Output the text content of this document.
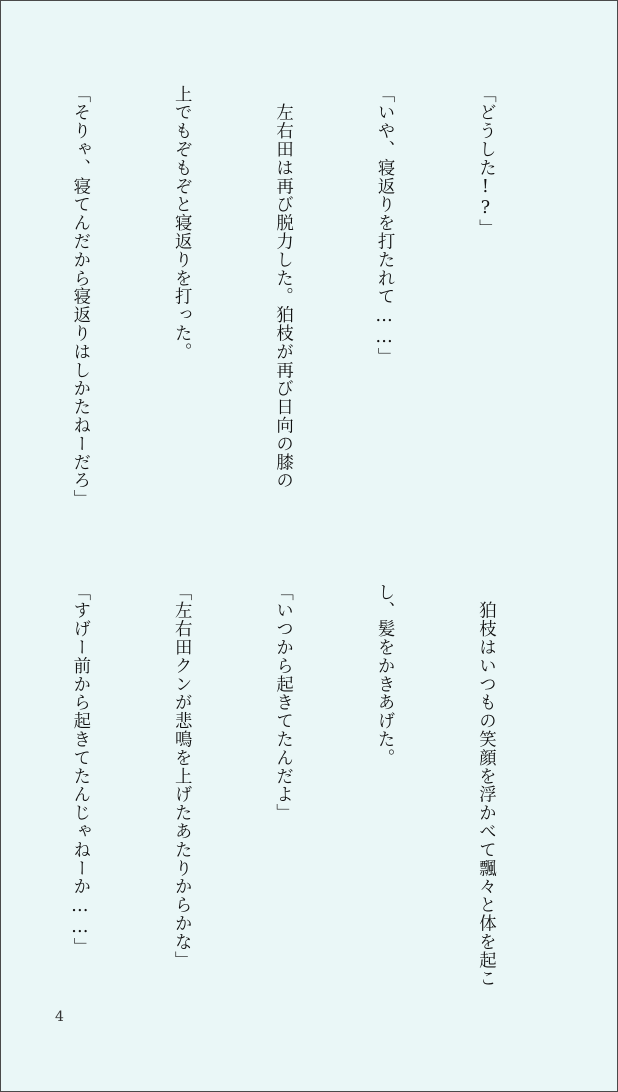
「どうした!?」

「いや、寝返りを打たれて……」

　左右田は再び脱力した。狛枝が再び日向の膝の

上でもぞもぞと寝返りを打った。

「そりゃ、寝てんだから寝返りはしかたねーだろ」

　狛枝はいつもの笑顔を浮かべて飄々と体を起こ

し、髪をかきあげた。

「いつから起きてたんだよ」

「左右田クンが悲鳴を上げたあたりからかな」

「すげー前から起きてたんじゃねーか……」

4
